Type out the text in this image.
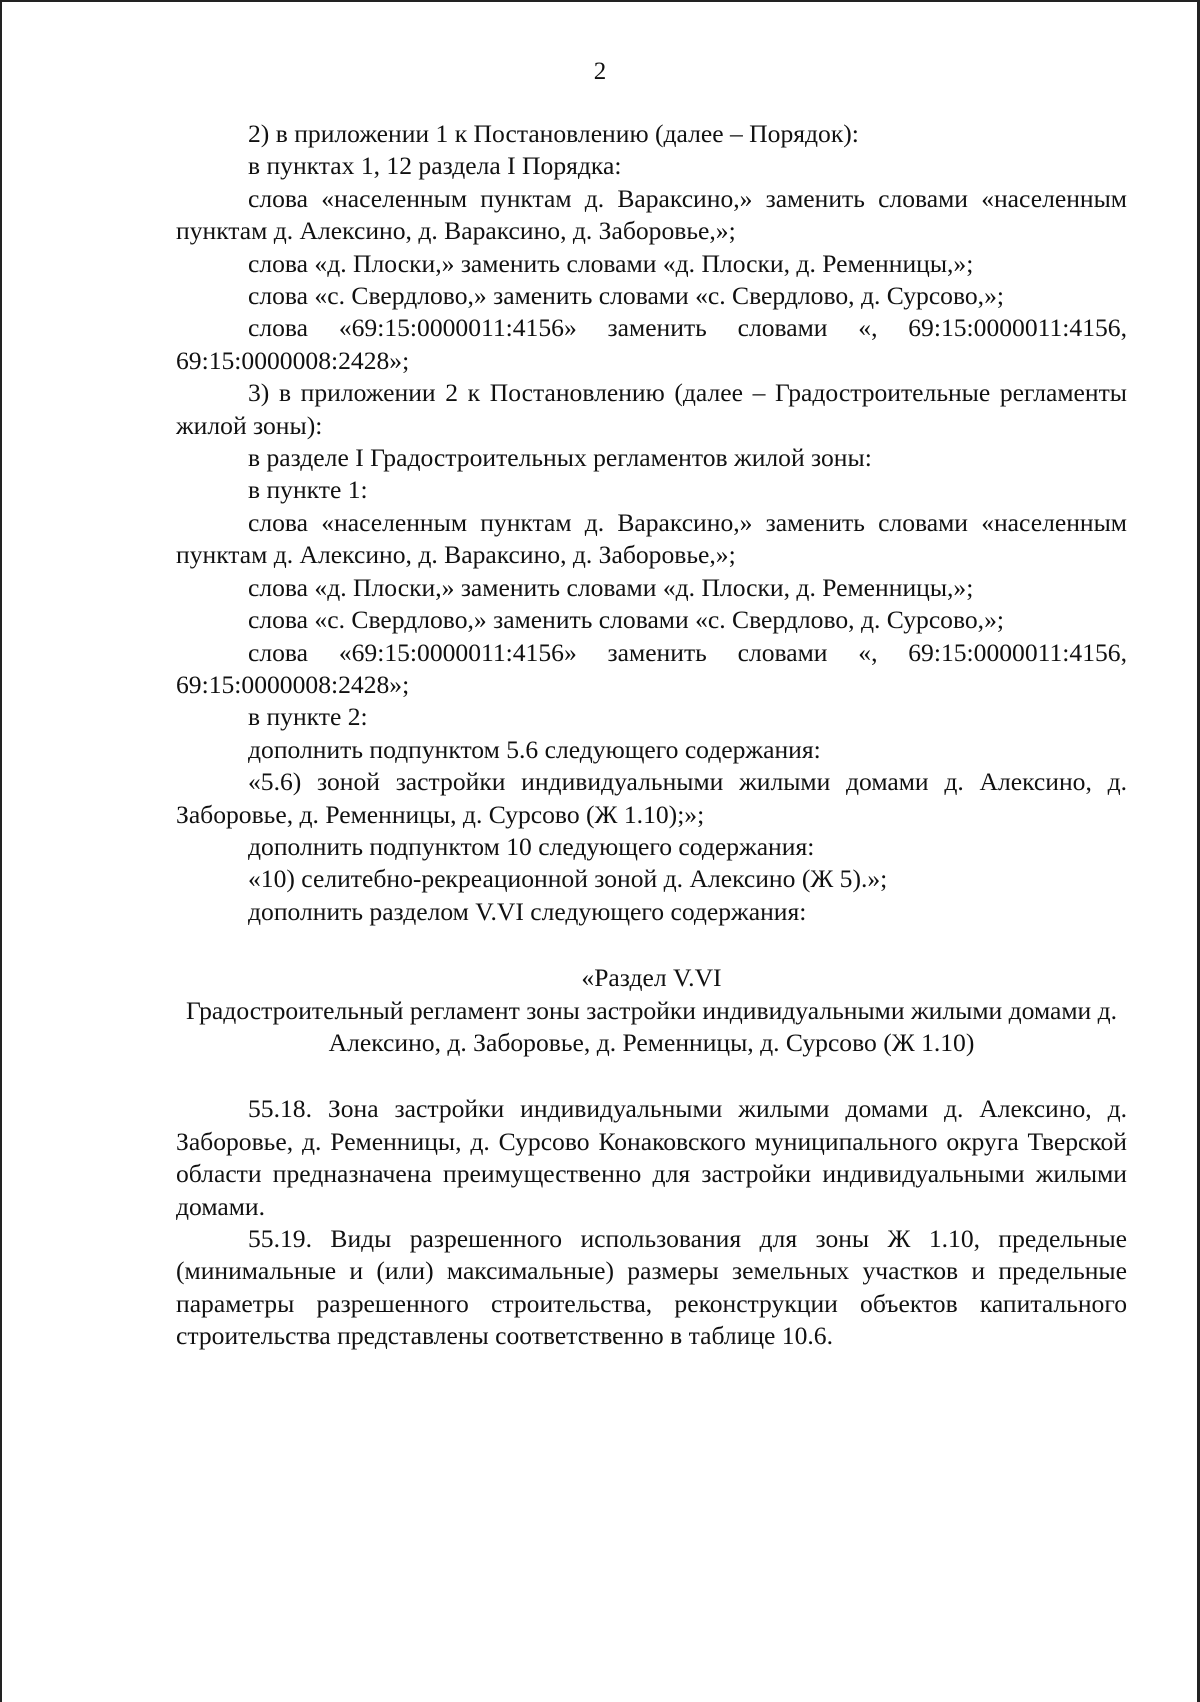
2

2) в приложении 1 к Постановлению (далее – Порядок):

в пунктах 1, 12 раздела I Порядка:

слова «населенным пунктам д. Вараксино,» заменить словами «населенным пунктам д. Алексино, д. Вараксино, д. Заборовье,»;

слова «д. Плоски,» заменить словами «д. Плоски, д. Ременницы,»;

слова «с. Свердлово,» заменить словами «с. Свердлово, д. Сурсово,»;

слова «69:15:0000011:4156» заменить словами «, 69:15:0000011:4156, 69:15:0000008:2428»;

3) в приложении 2 к Постановлению (далее – Градостроительные регламенты жилой зоны):

в разделе I Градостроительных регламентов жилой зоны:

в пункте 1:

слова «населенным пунктам д. Вараксино,» заменить словами «населенным пунктам д. Алексино, д. Вараксино, д. Заборовье,»;

слова «д. Плоски,» заменить словами «д. Плоски, д. Ременницы,»;

слова «с. Свердлово,» заменить словами «с. Свердлово, д. Сурсово,»;

слова «69:15:0000011:4156» заменить словами «, 69:15:0000011:4156, 69:15:0000008:2428»;

в пункте 2:

дополнить подпунктом 5.6 следующего содержания:

«5.6) зоной застройки индивидуальными жилыми домами д. Алексино, д. Заборовье, д. Ременницы, д. Сурсово (Ж 1.10);»;

дополнить подпунктом 10 следующего содержания:

«10) селитебно-рекреационной зоной д. Алексино (Ж 5).»;

дополнить разделом V.VI следующего содержания:

«Раздел V.VI

Градостроительный регламент зоны застройки индивидуальными жилыми домами д. Алексино, д. Заборовье, д. Ременницы, д. Сурсово (Ж 1.10)

55.18. Зона застройки индивидуальными жилыми домами д. Алексино, д. Заборовье, д. Ременницы, д. Сурсово Конаковского муниципального округа Тверской области предназначена преимущественно для застройки индивидуальными жилыми домами.

55.19. Виды разрешенного использования для зоны Ж 1.10, предельные (минимальные и (или) максимальные) размеры земельных участков и предельные параметры разрешенного строительства, реконструкции объектов капитального строительства представлены соответственно в таблице 10.6.
